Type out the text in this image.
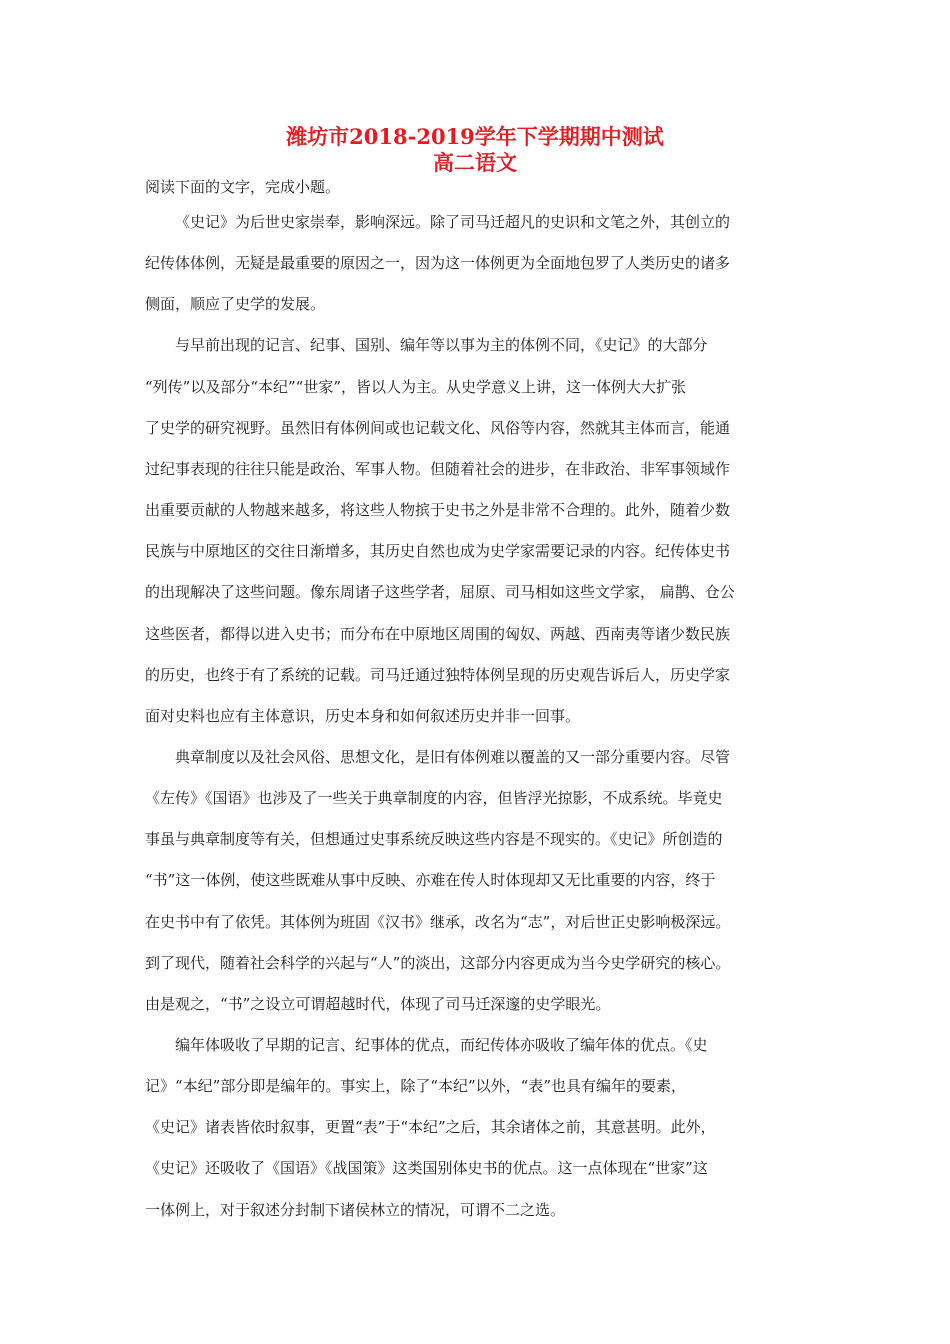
潍坊市2018-2019学年下学期期中测试
高二语文
阅读下面的文字，完成小题。
《史记》为后世史家崇奉，影响深远。除了司马迁超凡的史识和文笔之外，其创立的
纪传体体例，无疑是最重要的原因之一，因为这一体例更为全面地包罗了人类历史的诸多
侧面，顺应了史学的发展。
与早前出现的记言、纪事、国别、编年等以事为主的体例不同，《史记》的大部分
“列传”以及部分“本纪”“世家”，皆以人为主。从史学意义上讲，这一体例大大扩张
了史学的研究视野。虽然旧有体例间或也记载文化、风俗等内容，然就其主体而言，能通
过纪事表现的往往只能是政治、军事人物。但随着社会的进步，在非政治、非军事领域作
出重要贡献的人物越来越多，将这些人物摈于史书之外是非常不合理的。此外，随着少数
民族与中原地区的交往日渐增多，其历史自然也成为史学家需要记录的内容。纪传体史书
的出现解决了这些问题。像东周诸子这些学者，屈原、司马相如这些文学家， 扁鹊、仓公
这些医者，都得以进入史书；而分布在中原地区周围的匈奴、两越、西南夷等诸少数民族
的历史，也终于有了系统的记载。司马迁通过独特体例呈现的历史观告诉后人，历史学家
面对史料也应有主体意识，历史本身和如何叙述历史并非一回事。
典章制度以及社会风俗、思想文化，是旧有体例难以覆盖的又一部分重要内容。尽管
《左传》《国语》也涉及了一些关于典章制度的内容，但皆浮光掠影，不成系统。毕竟史
事虽与典章制度等有关，但想通过史事系统反映这些内容是不现实的。《史记》所创造的
“书”这一体例，使这些既难从事中反映、亦难在传人时体现却又无比重要的内容，终于
在史书中有了依凭。其体例为班固《汉书》继承，改名为“志”，对后世正史影响极深远。
到了现代，随着社会科学的兴起与“人”的淡出，这部分内容更成为当今史学研究的核心。
由是观之，“书”之设立可谓超越时代，体现了司马迁深邃的史学眼光。
编年体吸收了早期的记言、纪事体的优点，而纪传体亦吸收了编年体的优点。《史
记》“本纪”部分即是编年的。事实上，除了“本纪”以外，“表”也具有编年的要素，
《史记》诸表皆依时叙事，更置“表”于“本纪”之后，其余诸体之前，其意甚明。此外，
《史记》还吸收了《国语》《战国策》这类国别体史书的优点。这一点体现在“世家”这
一体例上，对于叙述分封制下诸侯林立的情况，可谓不二之选。
